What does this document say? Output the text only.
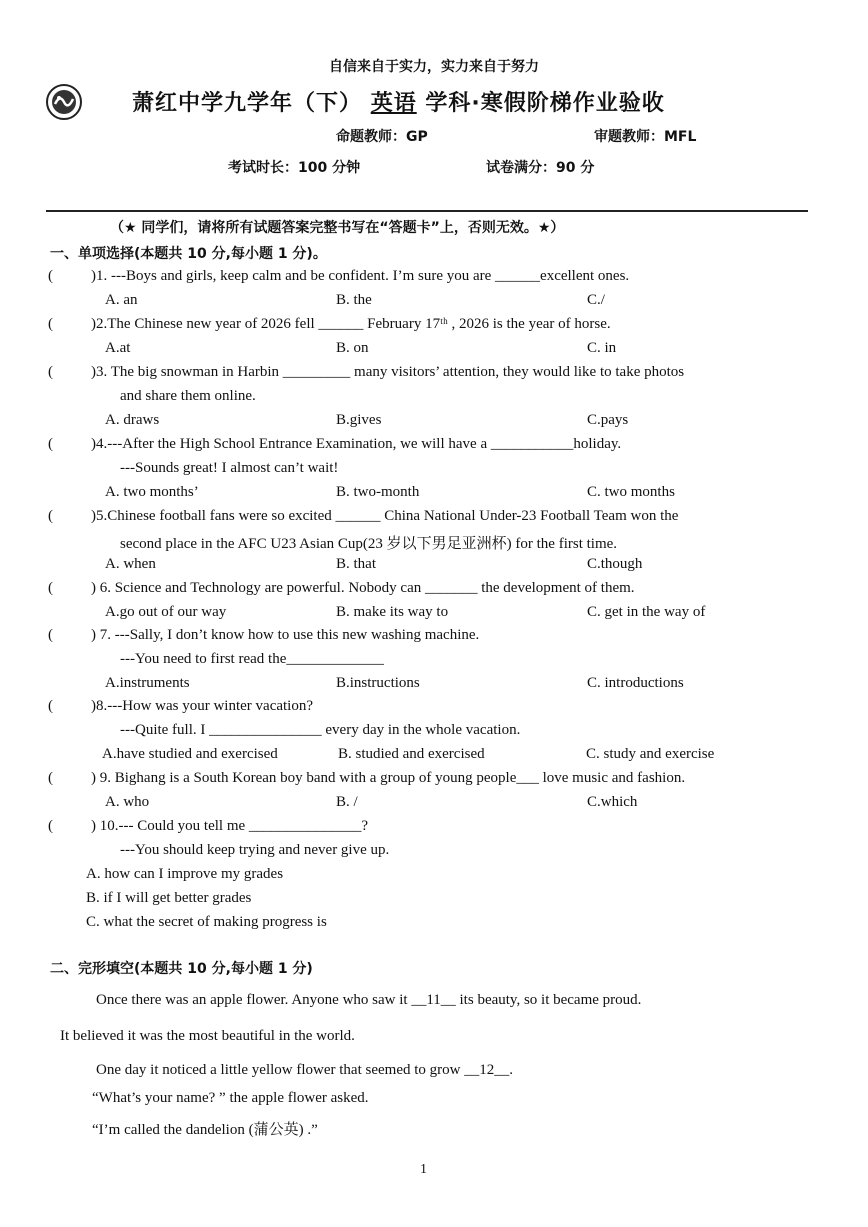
自信来自于实力，实力来自于努力
萧红中学九学年（下） 英语 学科·寒假阶梯作业验收
命题教师：GP	审题教师：MFL
考试时长：100 分钟	试卷满分：90 分
（★ 同学们，请将所有试题答案完整书写在“答题卡”上，否则无效。★）
一、单项选择(本题共 10 分,每小题 1 分)。
(	)1. ---Boys and girls, keep calm and be confident. I’m sure you are ______excellent ones.
A. an	B. the	C./
(	)2.The Chinese new year of 2026 fell ______ February 17ᵗʰ , 2026 is the year of horse.
A.at	B. on	C. in
(	)3. The big snowman in Harbin _________ many visitors’ attention, they would like to take photos
and share them online.
A. draws	B.gives	C.pays
(	)4.---After the High School Entrance Examination, we will have a ___________holiday.
---Sounds great! I almost can’t wait!
A. two months’	B. two-month	C. two months
(	)5.Chinese football fans were so excited ______ China National Under-23 Football Team won the
second place in the AFC U23 Asian Cup(23 岁以下男足亚洲杯) for the first time.
A. when	B. that	C.though
(	) 6. Science and Technology are powerful. Nobody can _______ the development of them.
A.go out of our way	B. make its way to	C. get in the way of
(	) 7. ---Sally, I don’t know how to use this new washing machine.
---You need to first read the_____________
A.instruments	B.instructions	C. introductions
(	)8.---How was your winter vacation?
---Quite full. I _______________ every day in the whole vacation.
A.have studied and exercised	B. studied and exercised	C. study and exercise
(	) 9. Bighang is a South Korean boy band with a group of young people___ love music and fashion.
A. who	B. /	C.which
(	) 10.--- Could you tell me _______________?
---You should keep trying and never give up.
A. how can I improve my grades
B. if I will get better grades
C. what the secret of making progress is
二、完形填空(本题共 10 分,每小题 1 分)
Once there was an apple flower. Anyone who saw it __11__ its beauty, so it became proud.
It believed it was the most beautiful in the world.
One day it noticed a little yellow flower that seemed to grow __12__.
“What’s your name? ” the apple flower asked.
“I’m called the dandelion (蒲公英) .”
1
